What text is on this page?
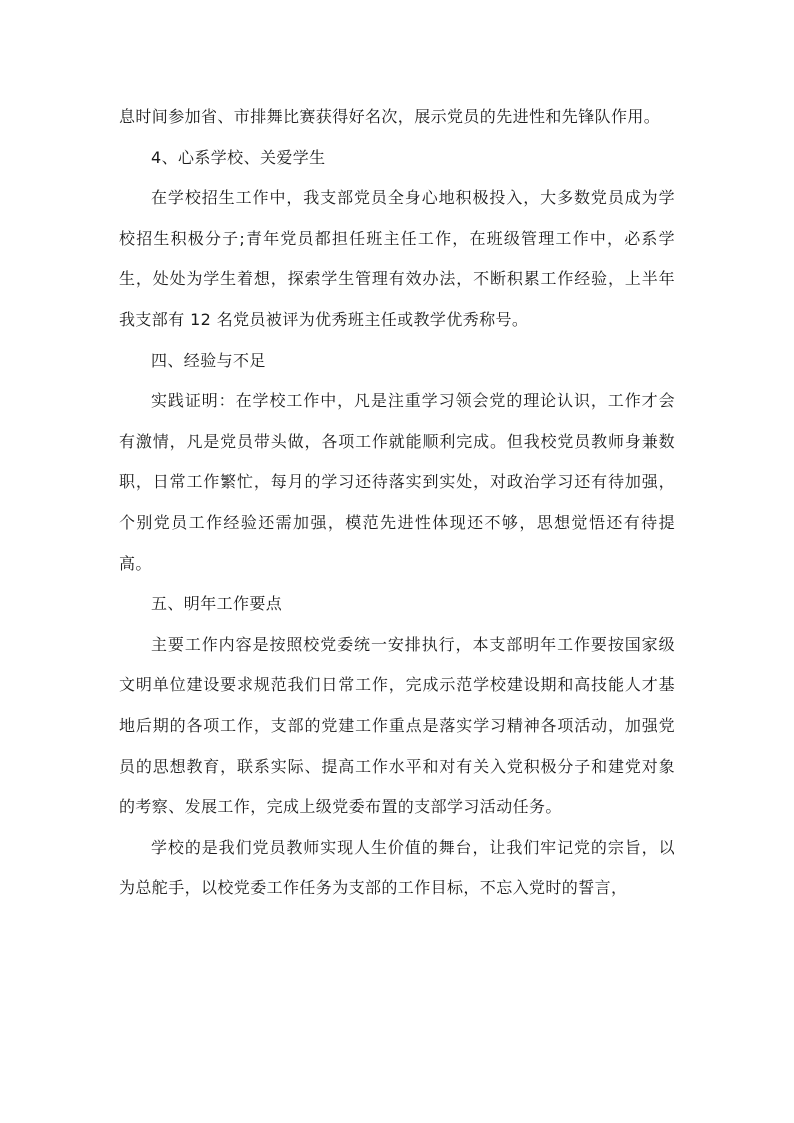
息时间参加省、市排舞比赛获得好名次，展示党员的先进性和先锋队作用。

4、心系学校、关爱学生

在学校招生工作中，我支部党员全身心地积极投入，大多数党员成为学校招生积极分子;青年党员都担任班主任工作，在班级管理工作中，必系学生，处处为学生着想，探索学生管理有效办法，不断积累工作经验，上半年我支部有 12 名党员被评为优秀班主任或教学优秀称号。

四、经验与不足

实践证明：在学校工作中，凡是注重学习领会党的理论认识，工作才会有激情，凡是党员带头做，各项工作就能顺利完成。但我校党员教师身兼数职，日常工作繁忙，每月的学习还待落实到实处，对政治学习还有待加强，个别党员工作经验还需加强，模范先进性体现还不够，思想觉悟还有待提高。

五、明年工作要点

主要工作内容是按照校党委统一安排执行，本支部明年工作要按国家级文明单位建设要求规范我们日常工作，完成示范学校建设期和高技能人才基地后期的各项工作，支部的党建工作重点是落实学习精神各项活动，加强党员的思想教育，联系实际、提高工作水平和对有关入党积极分子和建党对象的考察、发展工作，完成上级党委布置的支部学习活动任务。

学校的是我们党员教师实现人生价值的舞台，让我们牢记党的宗旨，以为总舵手，以校党委工作任务为支部的工作目标，不忘入党时的誓言，
